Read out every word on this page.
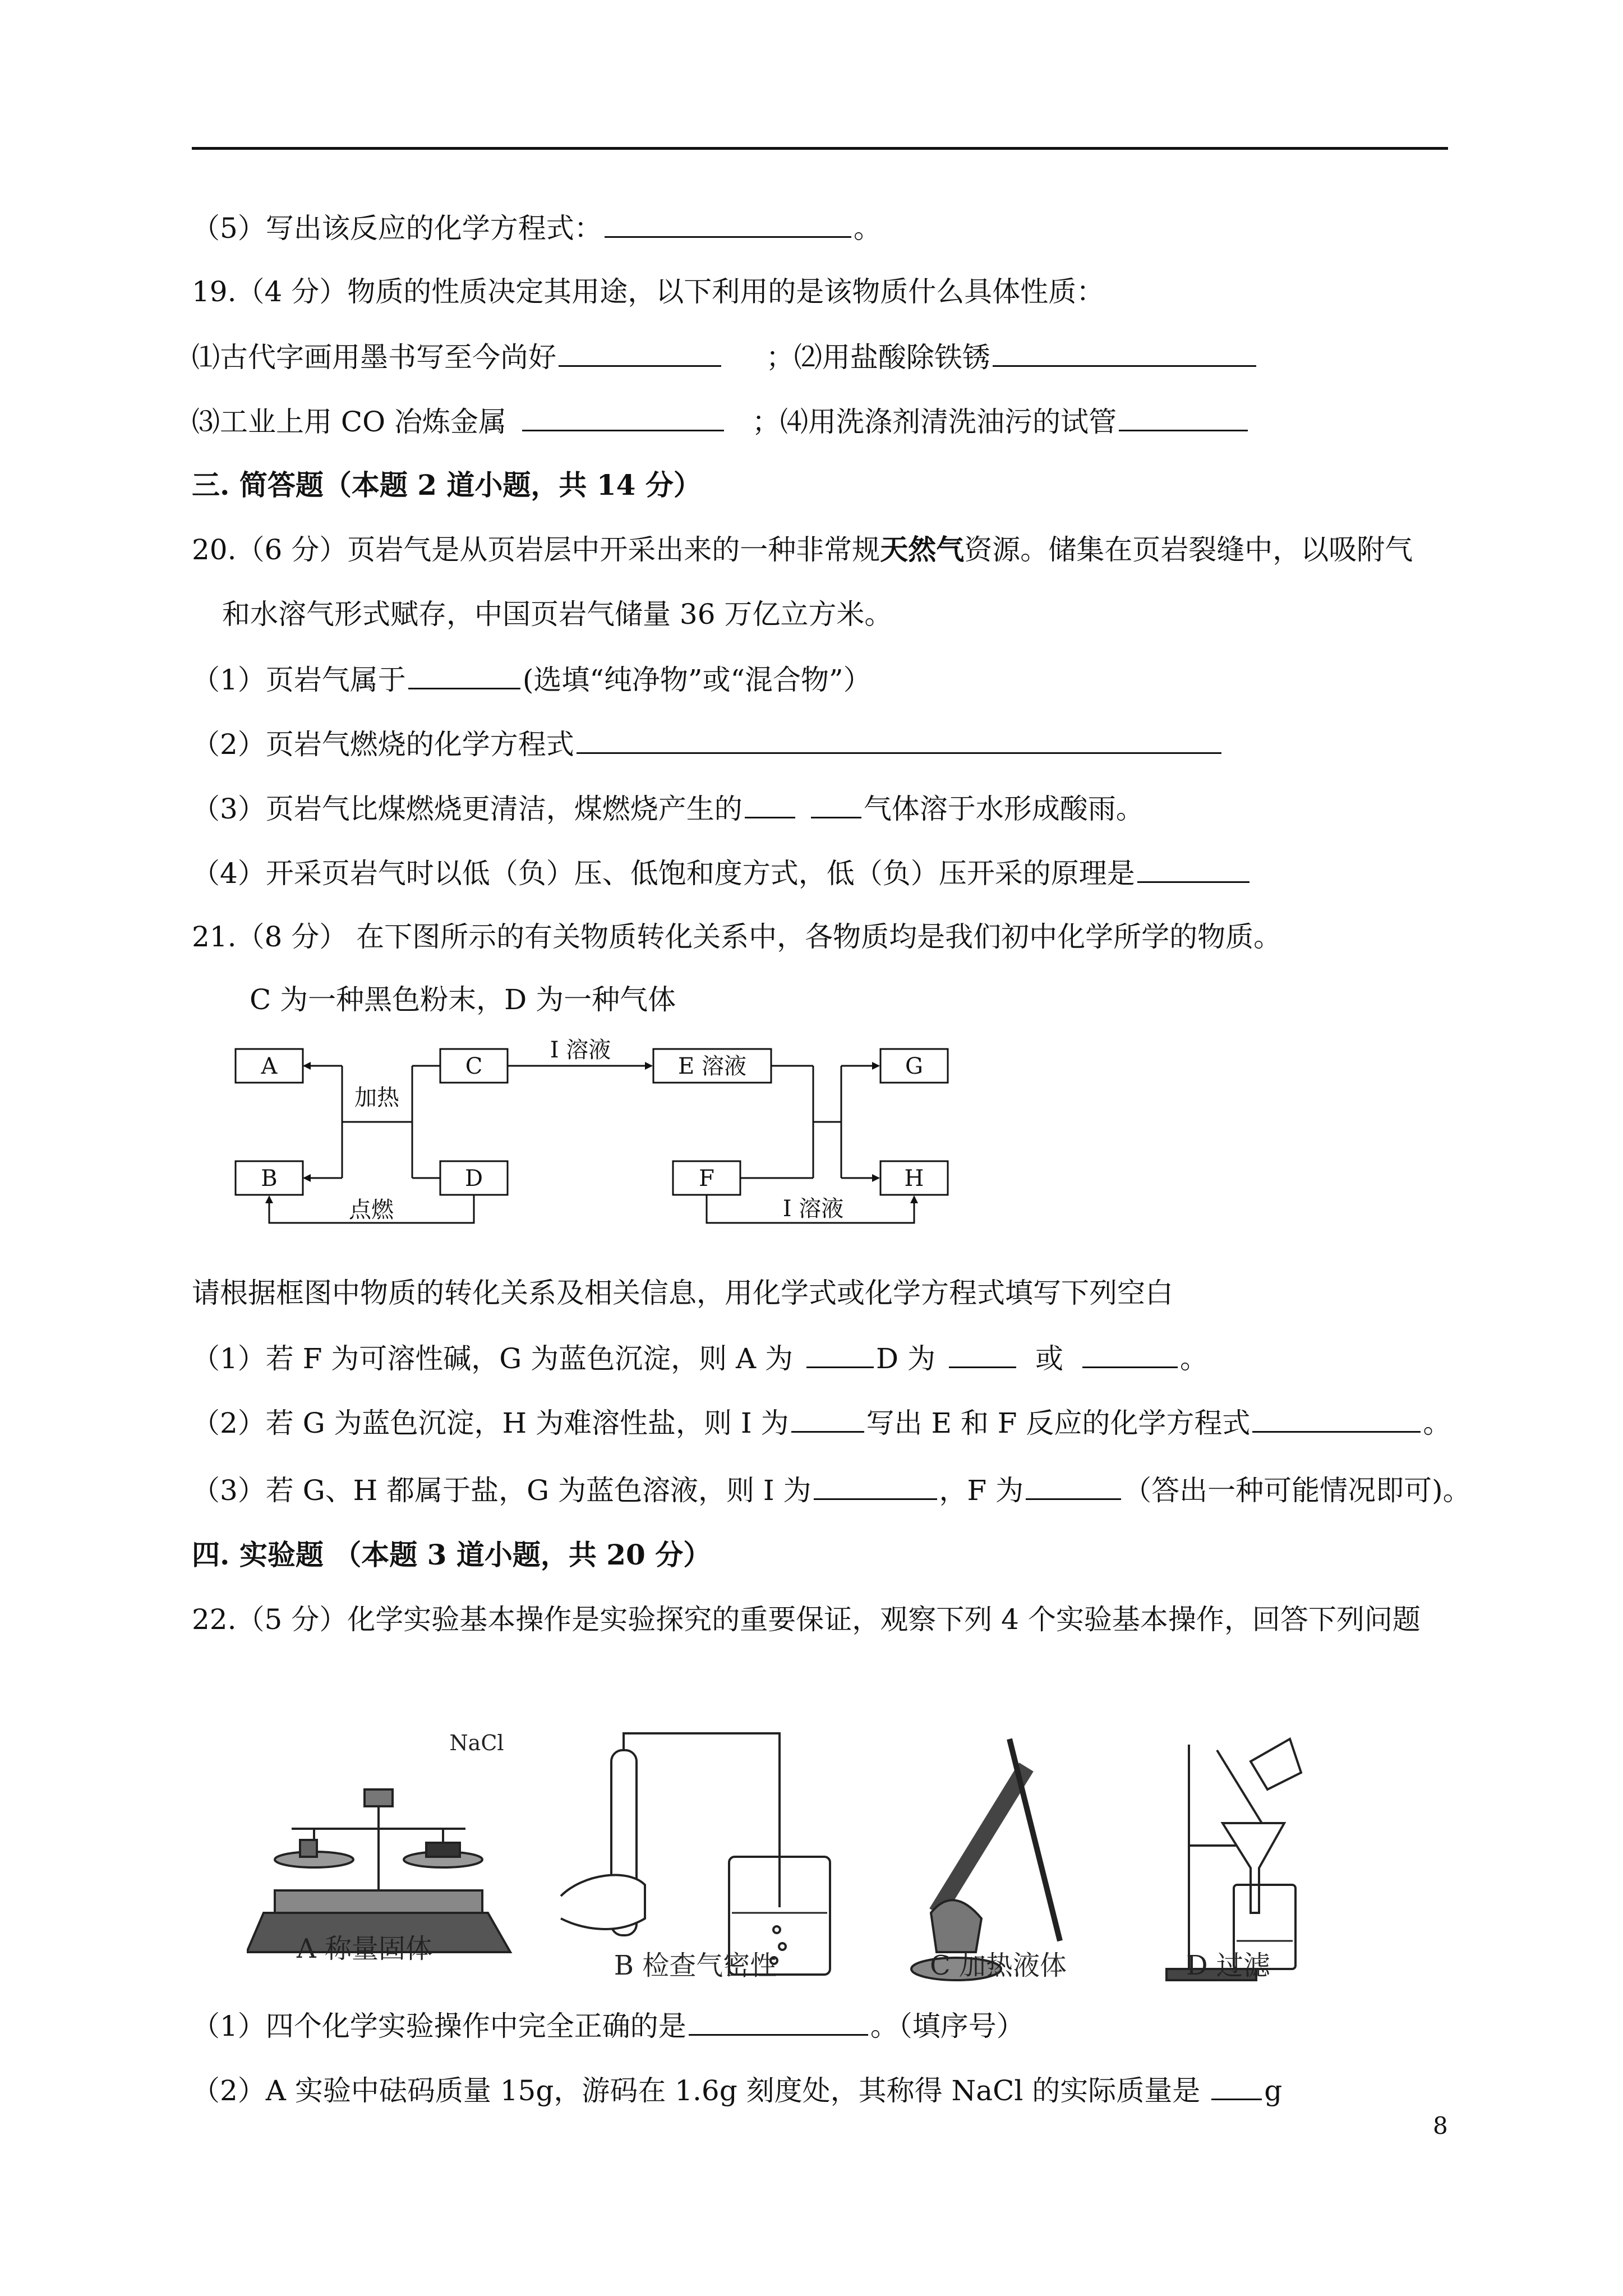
（5）写出该反应的化学方程式：	。
19.（4 分）物质的性质决定其用途，以下利用的是该物质什么具体性质：
⑴古代字画用墨书写至今尚好	；⑵用盐酸除铁锈
⑶工业上用 CO 冶炼金属	；⑷用洗涤剂清洗油污的试管
三. 简答题（本题 2 道小题，共 14 分）
20.（6 分）页岩气是从页岩层中开采出来的一种非常规天然气资源。储集在页岩裂缝中，以吸附气
和水溶气形式赋存，中国页岩气储量 36 万亿立方米。
（1）页岩气属于	(选填“纯净物”或“混合物”）
（2）页岩气燃烧的化学方程式
（3）页岩气比煤燃烧更清洁，煤燃烧产生的	气体溶于水形成酸雨。
（4）开采页岩气时以低（负）压、低饱和度方式，低（负）压开采的原理是
21.（8 分） 在下图所示的有关物质转化关系中，各物质均是我们初中化学所学的物质。
C 为一种黑色粉末，D 为一种气体
A
B
C
D
E 溶液
F
G
H
加热
点燃
I 溶液
I 溶液
请根据框图中物质的转化关系及相关信息，用化学式或化学方程式填写下列空白
（1）若 F 为可溶性碱，G 为蓝色沉淀，则 A 为	D 为	或	。
（2）若 G 为蓝色沉淀，H 为难溶性盐，则 I 为	写出 E 和 F 反应的化学方程式	。
（3）若 G、H 都属于盐，G 为蓝色溶液，则 I 为	，F 为	（答出一种可能情况即可)。
四. 实验题 （本题 3 道小题，共 20 分）
22.（5 分）化学实验基本操作是实验探究的重要保证，观察下列 4 个实验基本操作，回答下列问题
A 称量固体
B 检查气密性	C 加热液体	D 过滤
NaCl
（1）四个化学实验操作中完全正确的是	。（填序号）
（2）A 实验中砝码质量 15g，游码在 1.6g 刻度处，其称得 NaCl 的实际质量是 g
8
